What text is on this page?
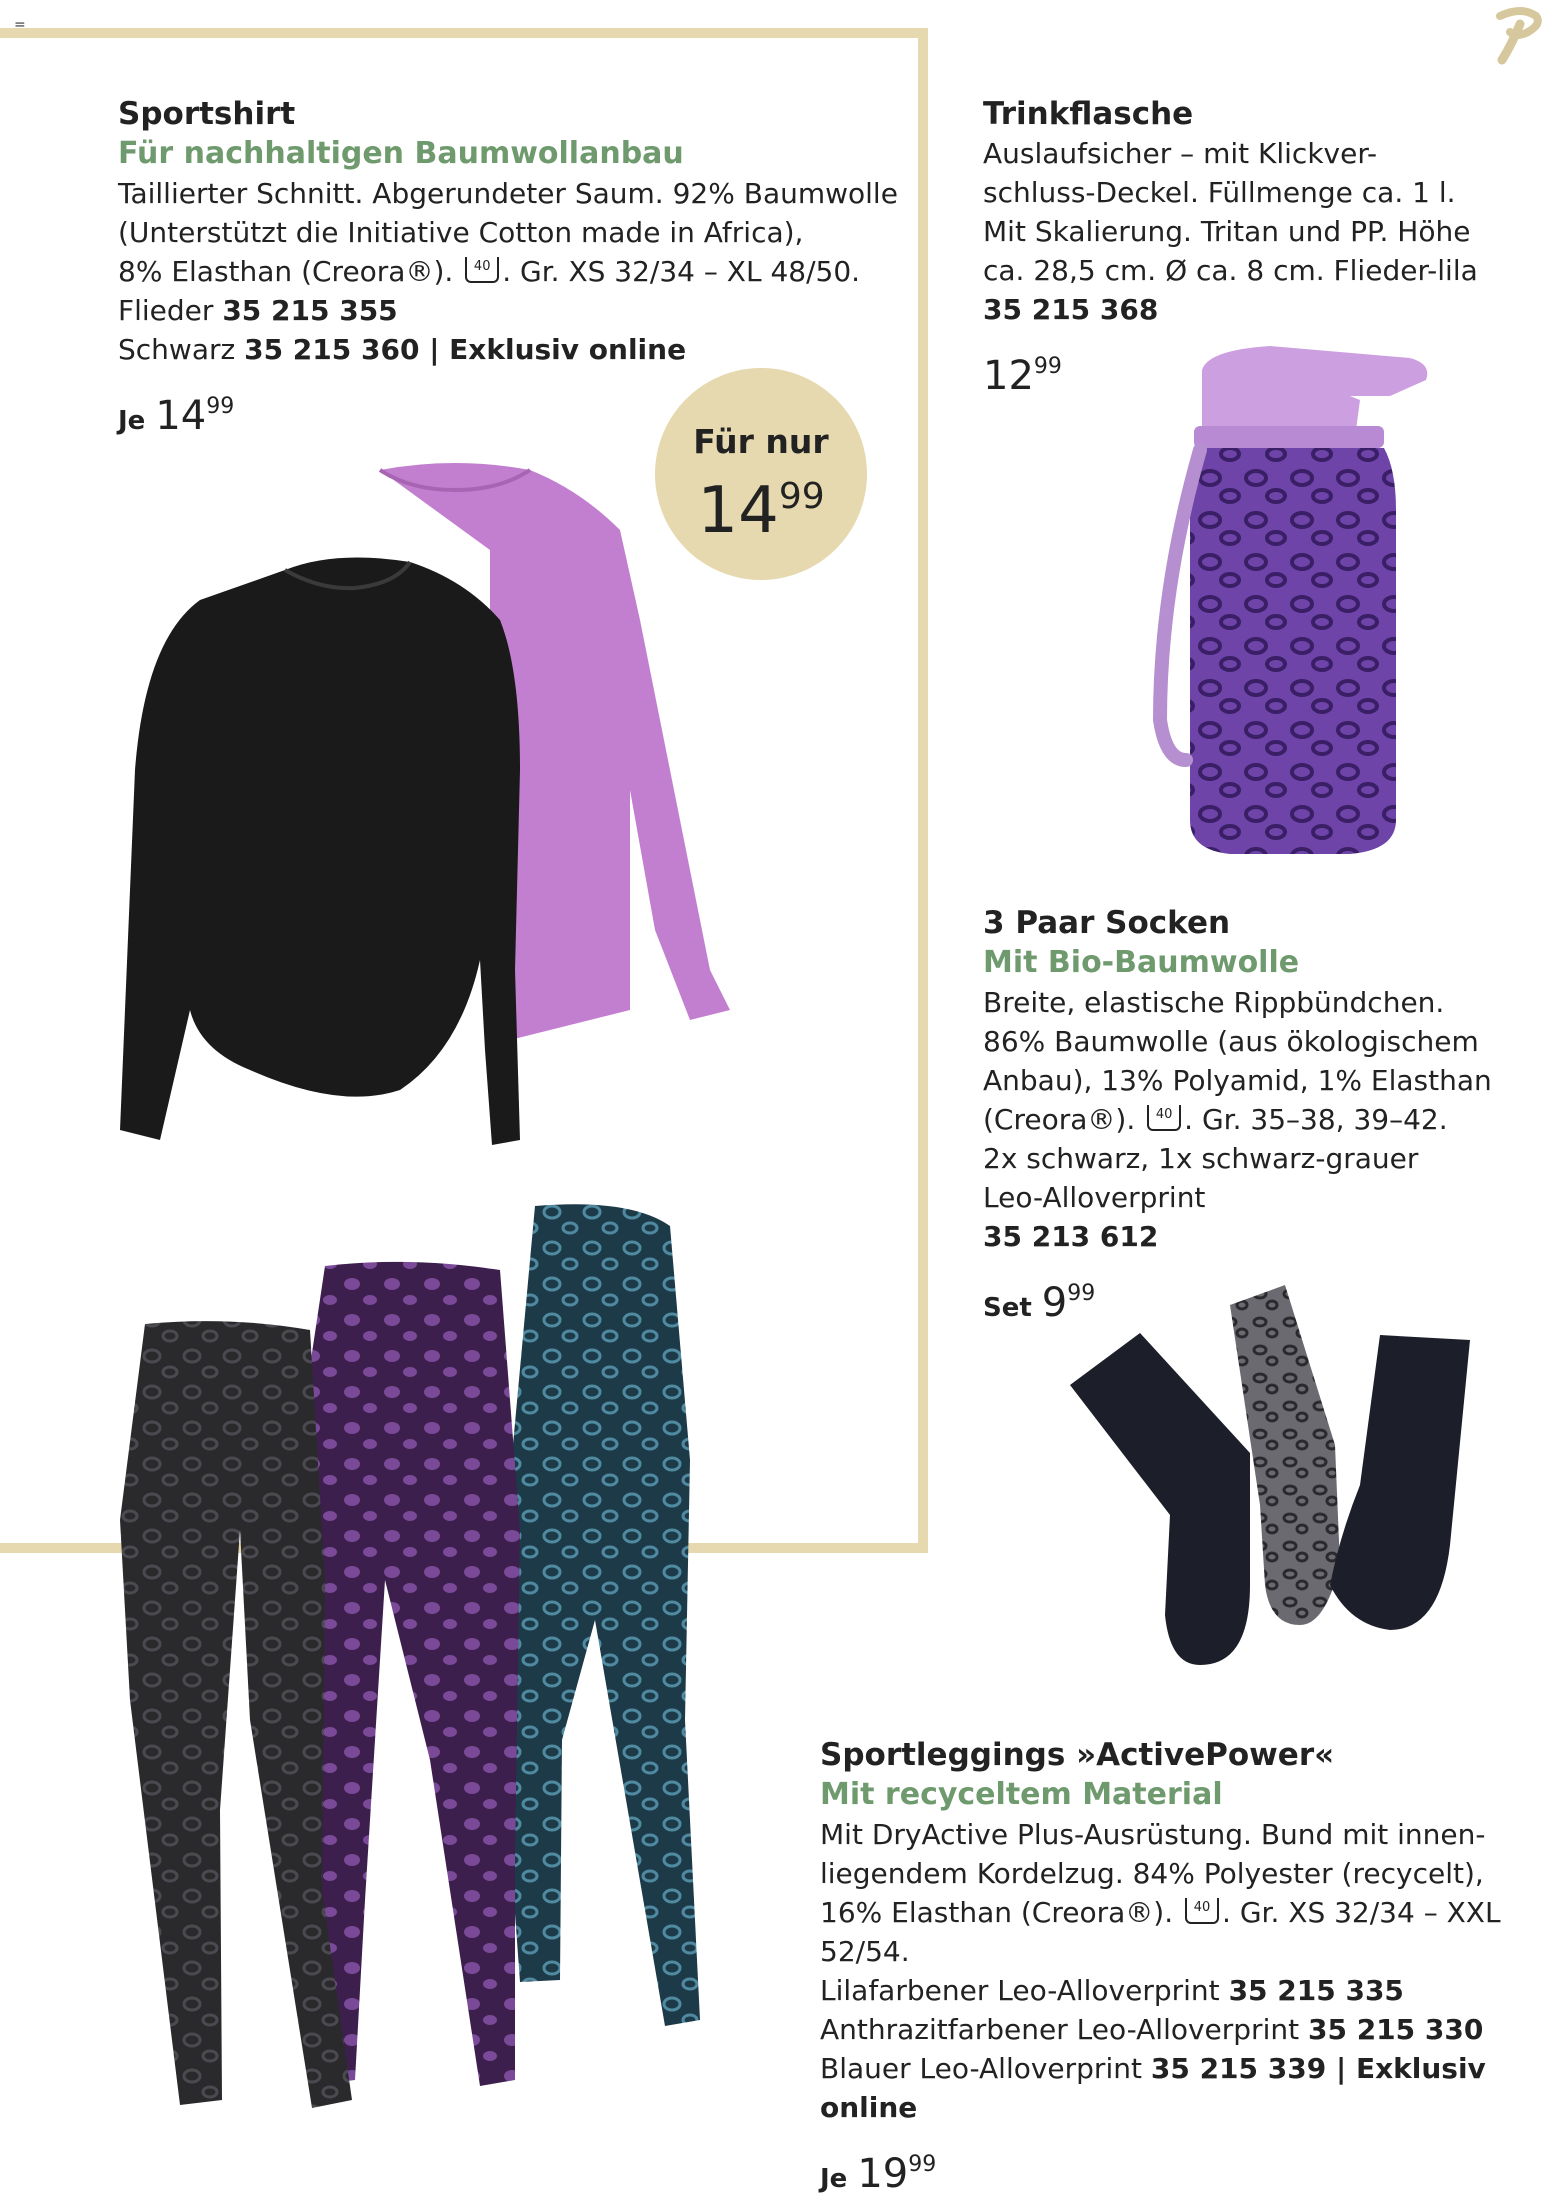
=
Sportshirt
Für nachhaltigen Baumwollanbau
Taillierter Schnitt. Abgerundeter Saum. 92% Baumwolle
(Unterstützt die Initiative Cotton made in Africa),
8% Elasthan (Creora®). 40 . Gr. XS 32/34 – XL 48/50.
Flieder 35 215 355
Schwarz 35 215 360 | Exklusiv online
Je $14^{99}$
Für nur
$14^{99}$
Trinkflasche
Auslaufsicher – mit Klickver-
schluss-Deckel. Füllmenge ca. 1 l.
Mit Skalierung. Tritan und PP. Höhe
ca. 28,5 cm. Ø ca. 8 cm. Flieder-lila
35 215 368
$12^{99}$
3 Paar Socken
Mit Bio-Baumwolle
Breite, elastische Rippbündchen.
86% Baumwolle (aus ökologischem
Anbau), 13% Polyamid, 1% Elasthan
(Creora®). 40 . Gr. 35–38, 39–42.
2x schwarz, 1x schwarz-grauer
Leo-Alloverprint
35 213 612
Set $9^{99}$
Sportleggings »ActivePower«
Mit recyceltem Material
Mit DryActive Plus-Ausrüstung. Bund mit innen-
liegendem Kordelzug. 84% Polyester (recycelt),
16% Elasthan (Creora®). 40 . Gr. XS 32/34 – XXL 52/54.
Lilafarbener Leo-Alloverprint 35 215 335
Anthrazitfarbener Leo-Alloverprint 35 215 330
Blauer Leo-Alloverprint 35 215 339 | Exklusiv online
Je $19^{99}$
